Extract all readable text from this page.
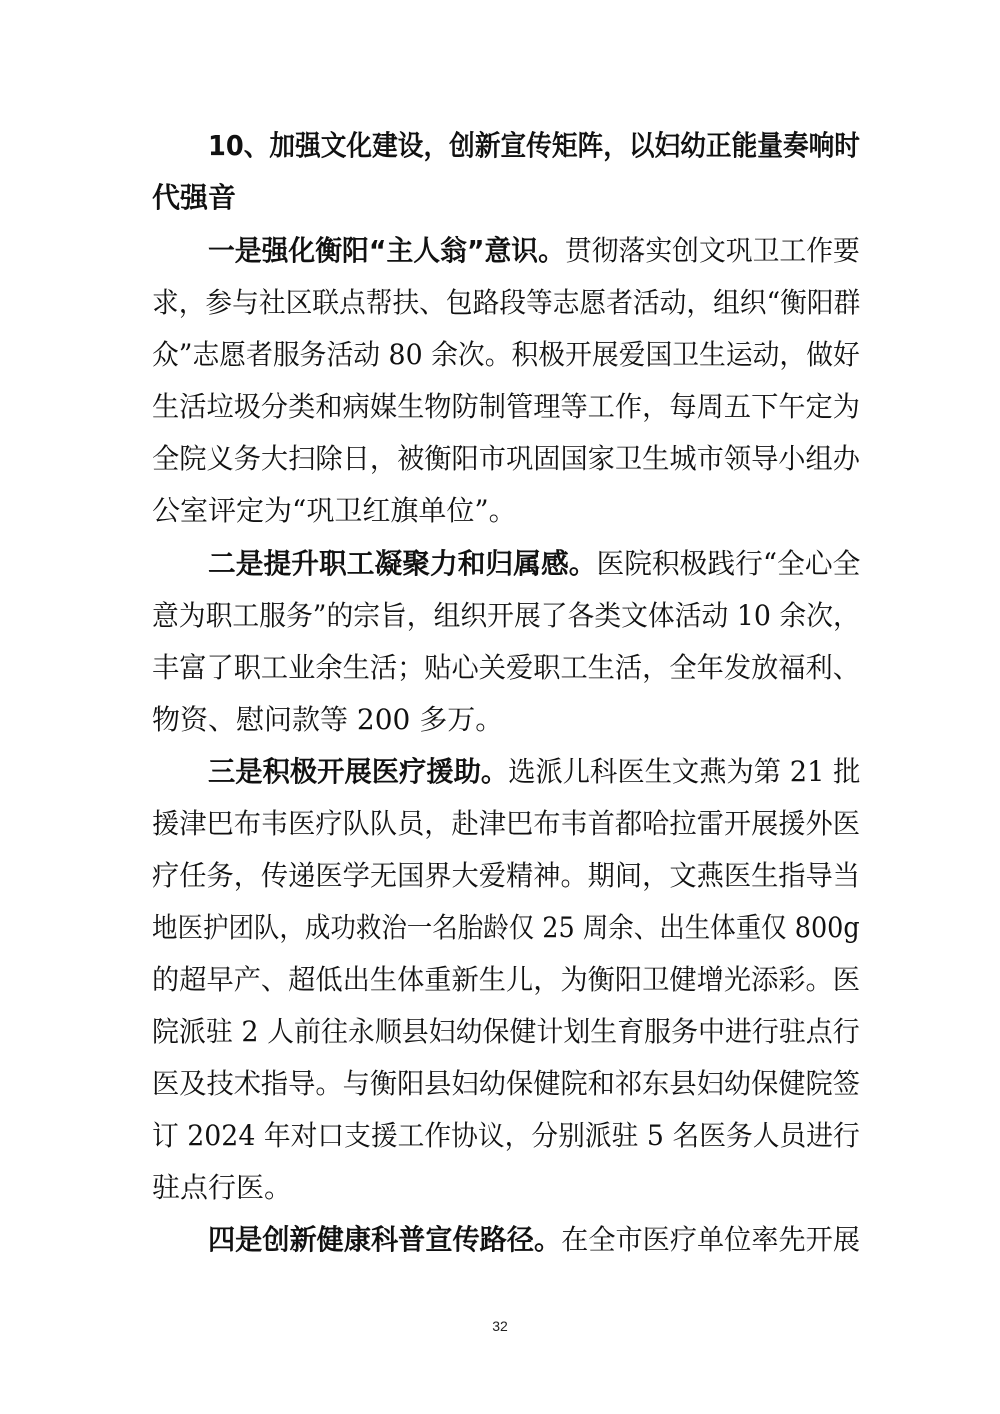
10、加强文化建设，创新宣传矩阵，以妇幼正能量奏响时
代强音
一是强化衡阳“主人翁”意识。贯彻落实创文巩卫工作要
求，参与社区联点帮扶、包路段等志愿者活动，组织“衡阳群
众”志愿者服务活动 80 余次。积极开展爱国卫生运动，做好
生活垃圾分类和病媒生物防制管理等工作，每周五下午定为
全院义务大扫除日，被衡阳市巩固国家卫生城市领导小组办
公室评定为“巩卫红旗单位”。
二是提升职工凝聚力和归属感。医院积极践行“全心全
意为职工服务”的宗旨，组织开展了各类文体活动 10 余次，
丰富了职工业余生活；贴心关爱职工生活，全年发放福利、
物资、慰问款等 200 多万。
三是积极开展医疗援助。选派儿科医生文燕为第 21 批
援津巴布韦医疗队队员，赴津巴布韦首都哈拉雷开展援外医
疗任务，传递医学无国界大爱精神。期间，文燕医生指导当
地医护团队，成功救治一名胎龄仅 25 周余、出生体重仅 800g
的超早产、超低出生体重新生儿，为衡阳卫健增光添彩。医
院派驻 2 人前往永顺县妇幼保健计划生育服务中进行驻点行
医及技术指导。与衡阳县妇幼保健院和祁东县妇幼保健院签
订 2024 年对口支援工作协议，分别派驻 5 名医务人员进行
驻点行医。
四是创新健康科普宣传路径。在全市医疗单位率先开展
32
